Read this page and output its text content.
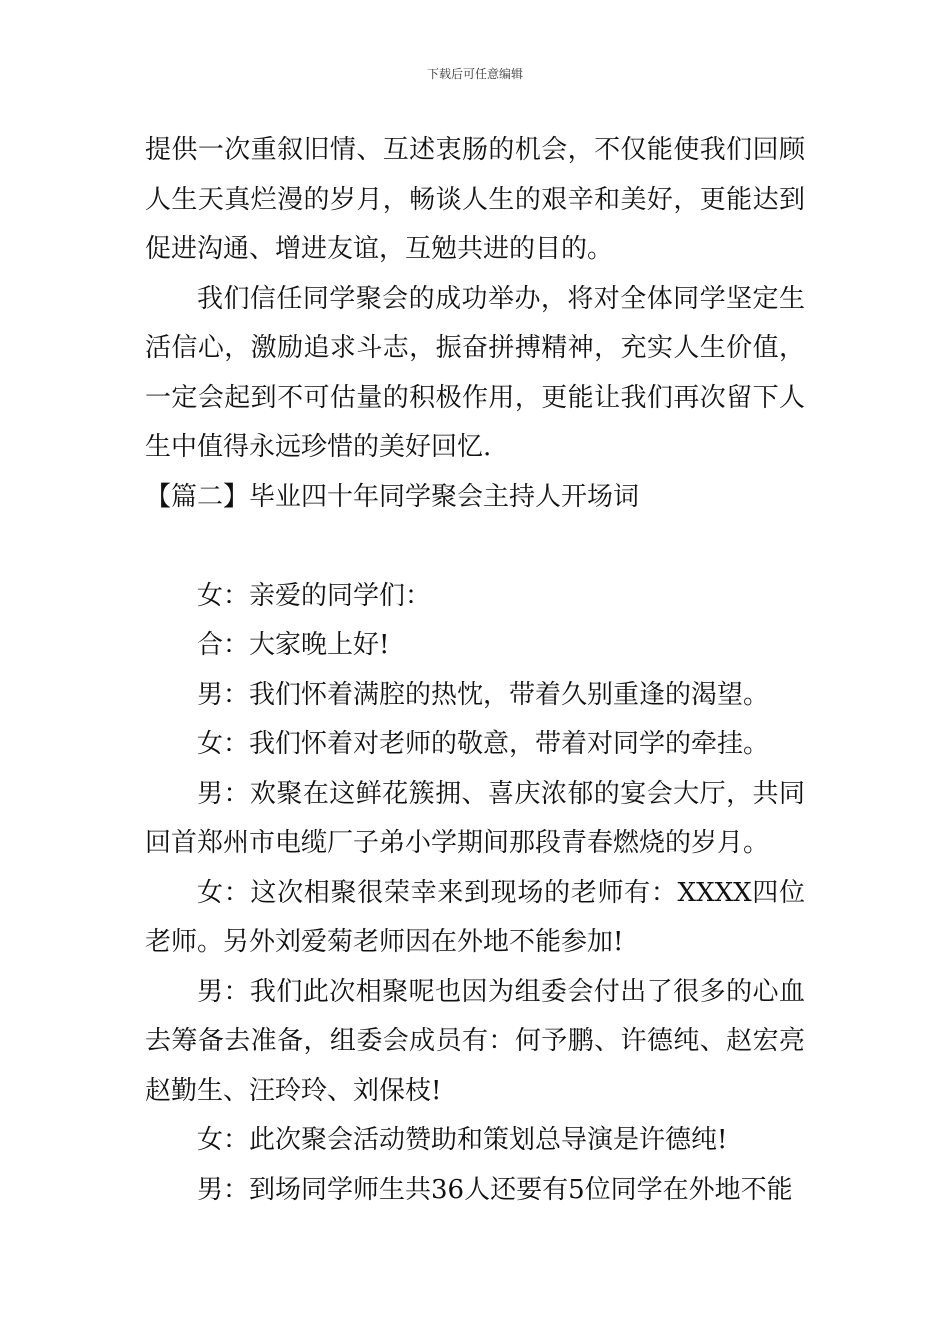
下载后可任意编辑

提供一次重叙旧情、互述衷肠的机会，不仅能使我们回顾人生天真烂漫的岁月，畅谈人生的艰辛和美好，更能达到促进沟通、增进友谊，互勉共进的目的。

我们信任同学聚会的成功举办，将对全体同学坚定生活信心，激励追求斗志，振奋拼搏精神，充实人生价值，一定会起到不可估量的积极作用，更能让我们再次留下人生中值得永远珍惜的美好回忆.

【篇二】毕业四十年同学聚会主持人开场词

女：亲爱的同学们：

合：大家晚上好!

男：我们怀着满腔的热忱，带着久别重逢的渴望。

女：我们怀着对老师的敬意，带着对同学的牵挂。

男：欢聚在这鲜花簇拥、喜庆浓郁的宴会大厅，共同回首郑州市电缆厂子弟小学期间那段青春燃烧的岁月。

女：这次相聚很荣幸来到现场的老师有：XXXX四位老师。另外刘爱菊老师因在外地不能参加!

男：我们此次相聚呢也因为组委会付出了很多的心血去筹备去准备，组委会成员有：何予鹏、许德纯、赵宏亮赵勤生、汪玲玲、刘保枝!

女：此次聚会活动赞助和策划总导演是许德纯!

男：到场同学师生共36人还要有5位同学在外地不能
